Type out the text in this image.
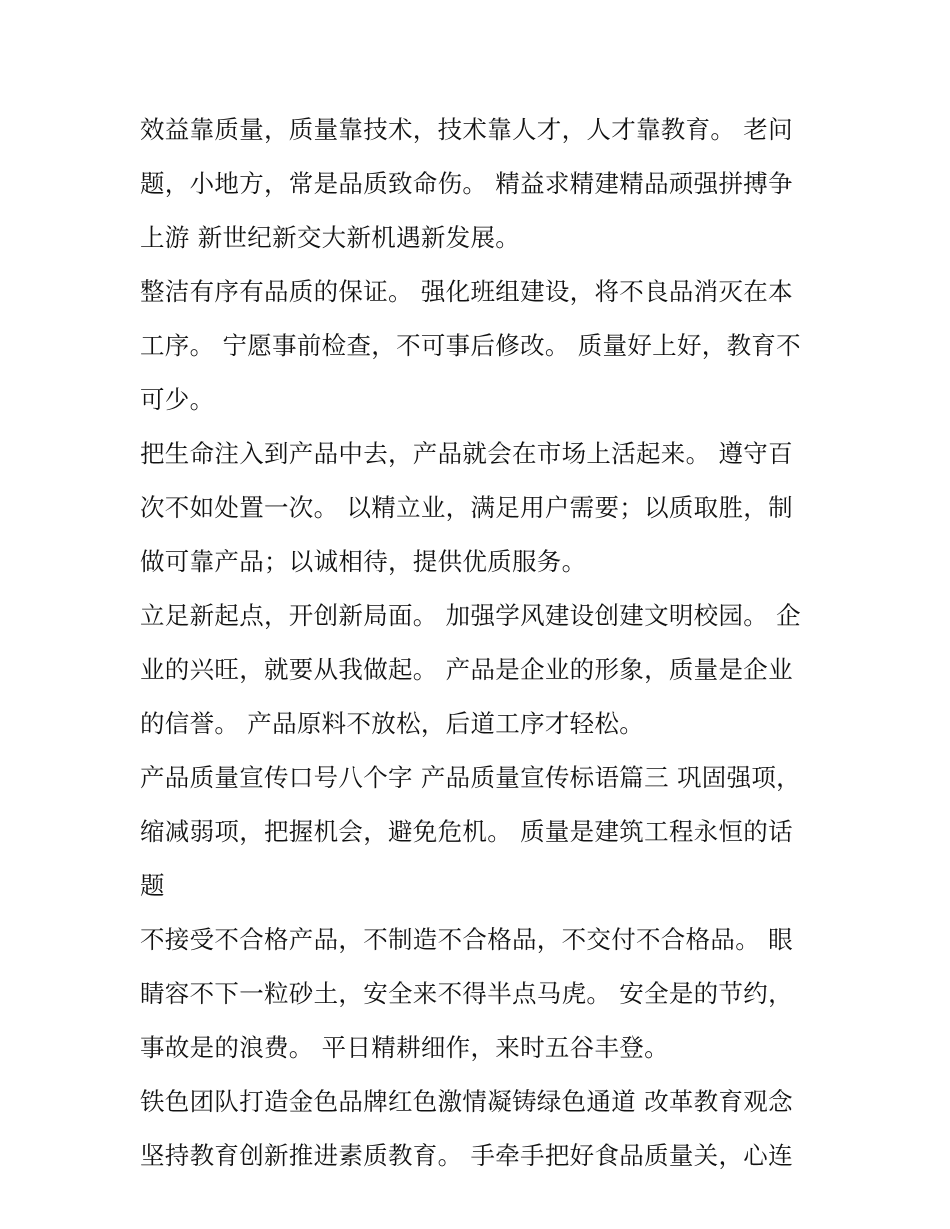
效益靠质量，质量靠技术，技术靠人才，人才靠教育。 老问
题，小地方，常是品质致命伤。 精益求精建精品顽强拼搏争
上游 新世纪新交大新机遇新发展。
整洁有序有品质的保证。 强化班组建设，将不良品消灭在本
工序。 宁愿事前检查，不可事后修改。 质量好上好，教育不
可少。
把生命注入到产品中去，产品就会在市场上活起来。 遵守百
次不如处置一次。 以精立业，满足用户需要；以质取胜，制
做可靠产品；以诚相待，提供优质服务。
立足新起点，开创新局面。 加强学风建设创建文明校园。 企
业的兴旺，就要从我做起。 产品是企业的形象，质量是企业
的信誉。 产品原料不放松，后道工序才轻松。
产品质量宣传口号八个字 产品质量宣传标语篇三 巩固强项，
缩减弱项，把握机会，避免危机。 质量是建筑工程永恒的话
题
不接受不合格产品，不制造不合格品，不交付不合格品。 眼
睛容不下一粒砂土，安全来不得半点马虎。 安全是的节约，
事故是的浪费。 平日精耕细作，来时五谷丰登。
铁色团队打造金色品牌红色激情凝铸绿色通道 改革教育观念
坚持教育创新推进素质教育。 手牵手把好食品质量关，心连
